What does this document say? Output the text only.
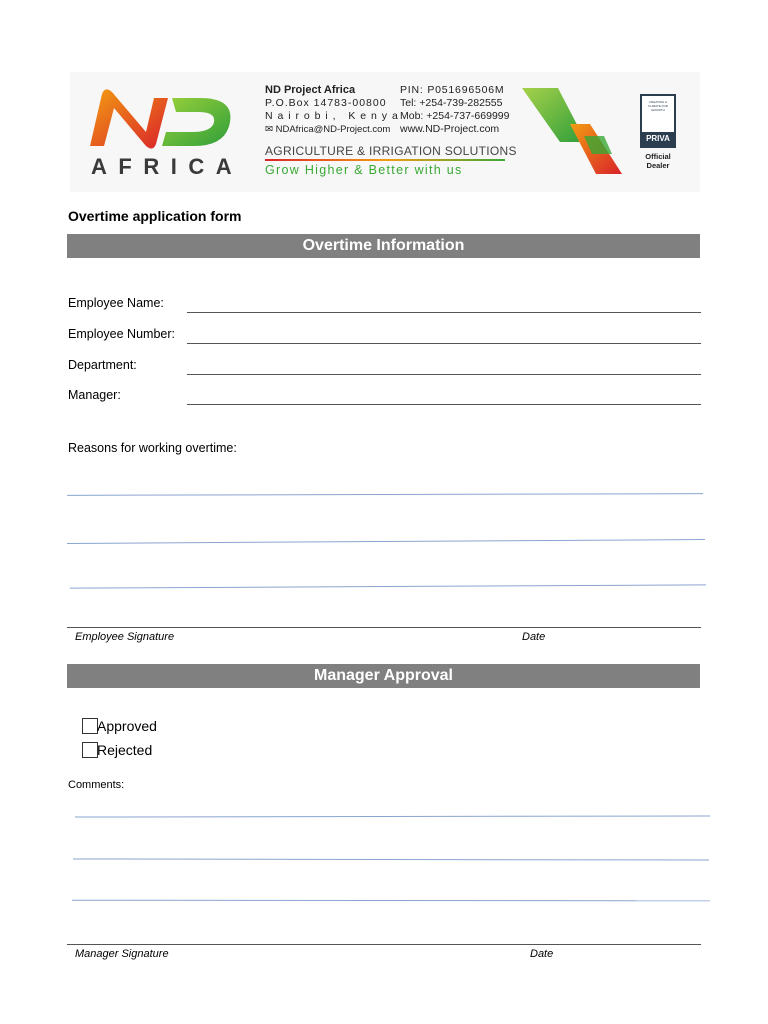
AFRICA
ND Project Africa
P.O.Box 14783-00800
N a i r o b i ,   K e n y a
✉ NDAfrica@ND-Project.com
PIN: P051696506M
Tel: +254-739-282555
Mob: +254-737-669999
www.ND-Project.com
AGRICULTURE & IRRIGATION SOLUTIONS
Grow Higher & Better with us
CREATING A CLIMATE FOR GROWTH
PRIVA
Official Dealer
Overtime application form
Overtime Information
Employee Name:
Employee Number:
Department:
Manager:
Reasons for working overtime:
Employee Signature	Date
Manager Approval
Approved
Rejected
Comments:
Manager Signature	Date
